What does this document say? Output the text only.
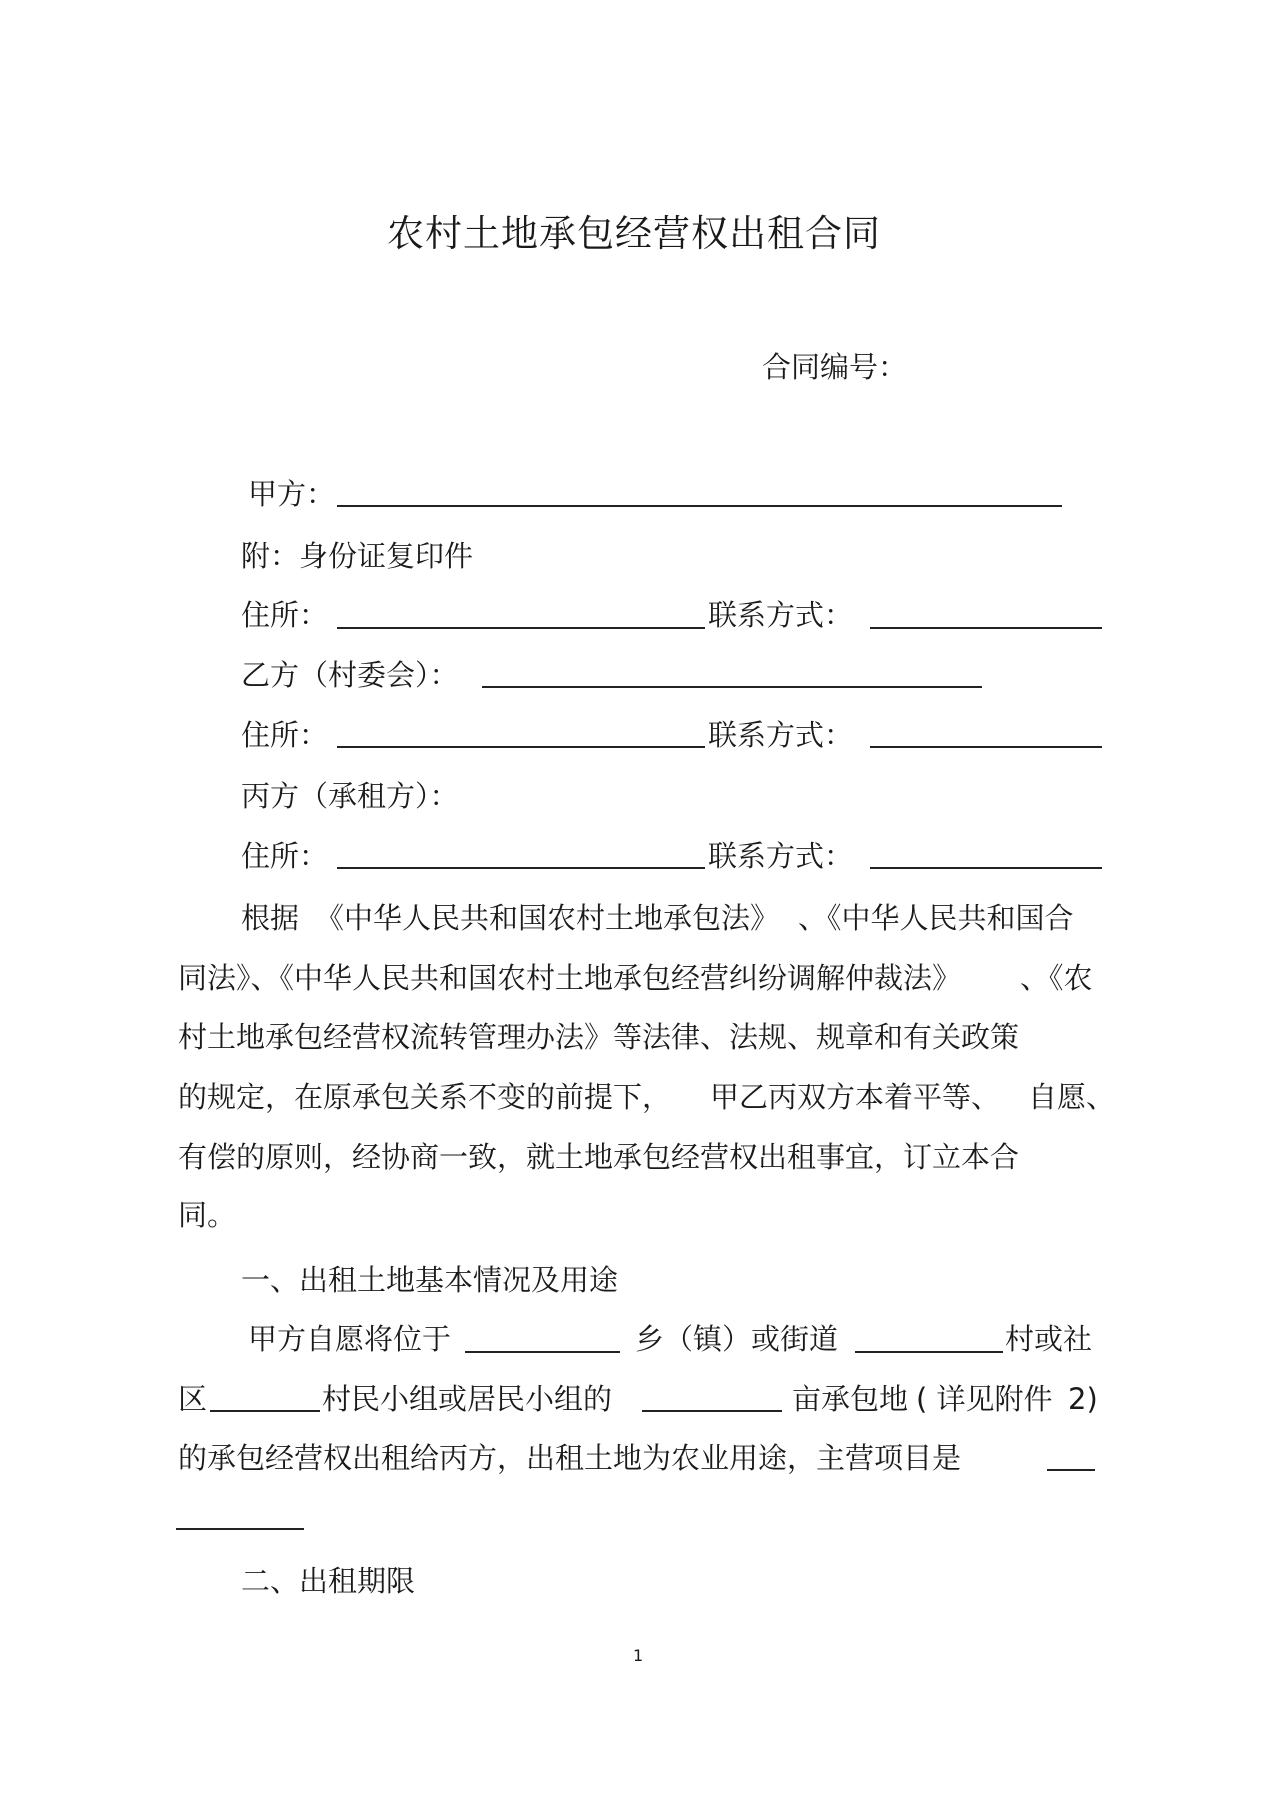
农村土地承包经营权出租合同
合同编号：
甲方：
附：身份证复印件
住所：	联系方式：
乙方（村委会）：
住所：	联系方式：
丙方（承租方）：
住所：	联系方式：
根据 《中华人民共和国农村土地承包法》 、《中华人民共和国合
同法》、《中华人民共和国农村土地承包经营纠纷调解仲裁法》 、《农
村土地承包经营权流转管理办法》等法律、法规、规章和有关政策
的规定，在原承包关系不变的前提下， 甲乙丙双方本着平等、 自愿、
有偿的原则，经协商一致，就土地承包经营权出租事宜，订立本合
同。
一、出租土地基本情况及用途
甲方自愿将位于	乡（镇）或街道	村或社
区	村民小组或居民小组的	亩承包地 ( 详见附件 2)
的承包经营权出租给丙方，出租土地为农业用途，主营项目是
二、出租期限
1
